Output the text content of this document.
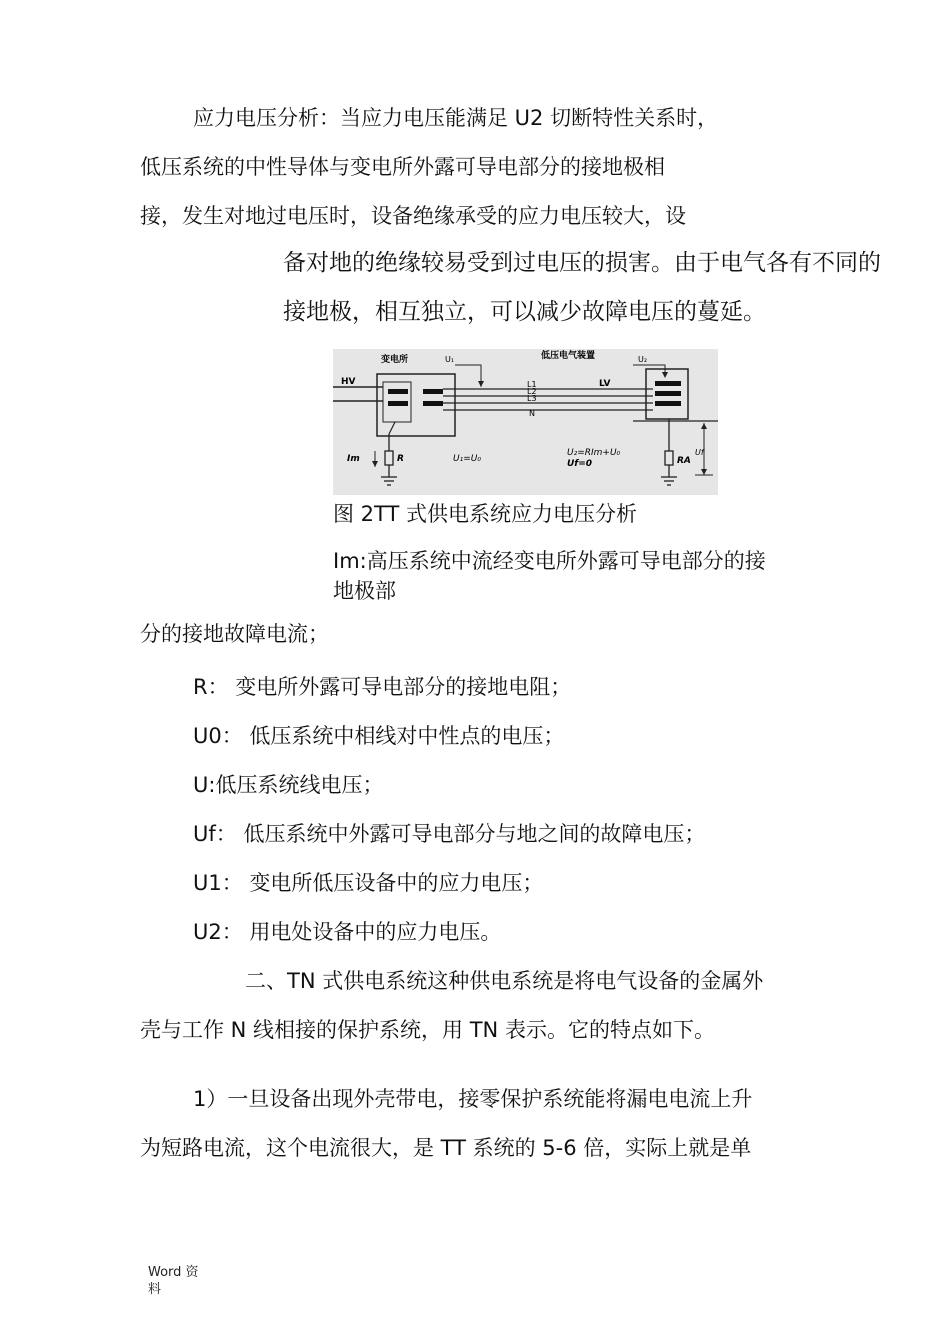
应力电压分析：当应力电压能满足 U2 切断特性关系时，
低压系统的中性导体与变电所外露可导电部分的接地极相
接，发生对地过电压时，设备绝缘承受的应力电压较大，设
备对地的绝缘较易受到过电压的损害。由于电气各有不同的
接地极，相互独立，可以减少故障电压的蔓延。
变电所	U₁	低压电气装置	U₂
HV	LV
L1
L2
L3
N
Im	R	U₁=U₀
U₂=RIm+U₀
Uf=0	RA
Uf
图 2TT 式供电系统应力电压分析
Im:高压系统中流经变电所外露可导电部分的接
地极部
分的接地故障电流；
R： 变电所外露可导电部分的接地电阻；
U0： 低压系统中相线对中性点的电压；
U:低压系统线电压；
Uf： 低压系统中外露可导电部分与地之间的故障电压；
U1： 变电所低压设备中的应力电压；
U2： 用电处设备中的应力电压。
二、TN 式供电系统这种供电系统是将电气设备的金属外
壳与工作 N 线相接的保护系统，用 TN 表示。它的特点如下。
1）一旦设备出现外壳带电，接零保护系统能将漏电电流上升
为短路电流，这个电流很大，是 TT 系统的 5-6 倍，实际上就是单
Word 资
料
